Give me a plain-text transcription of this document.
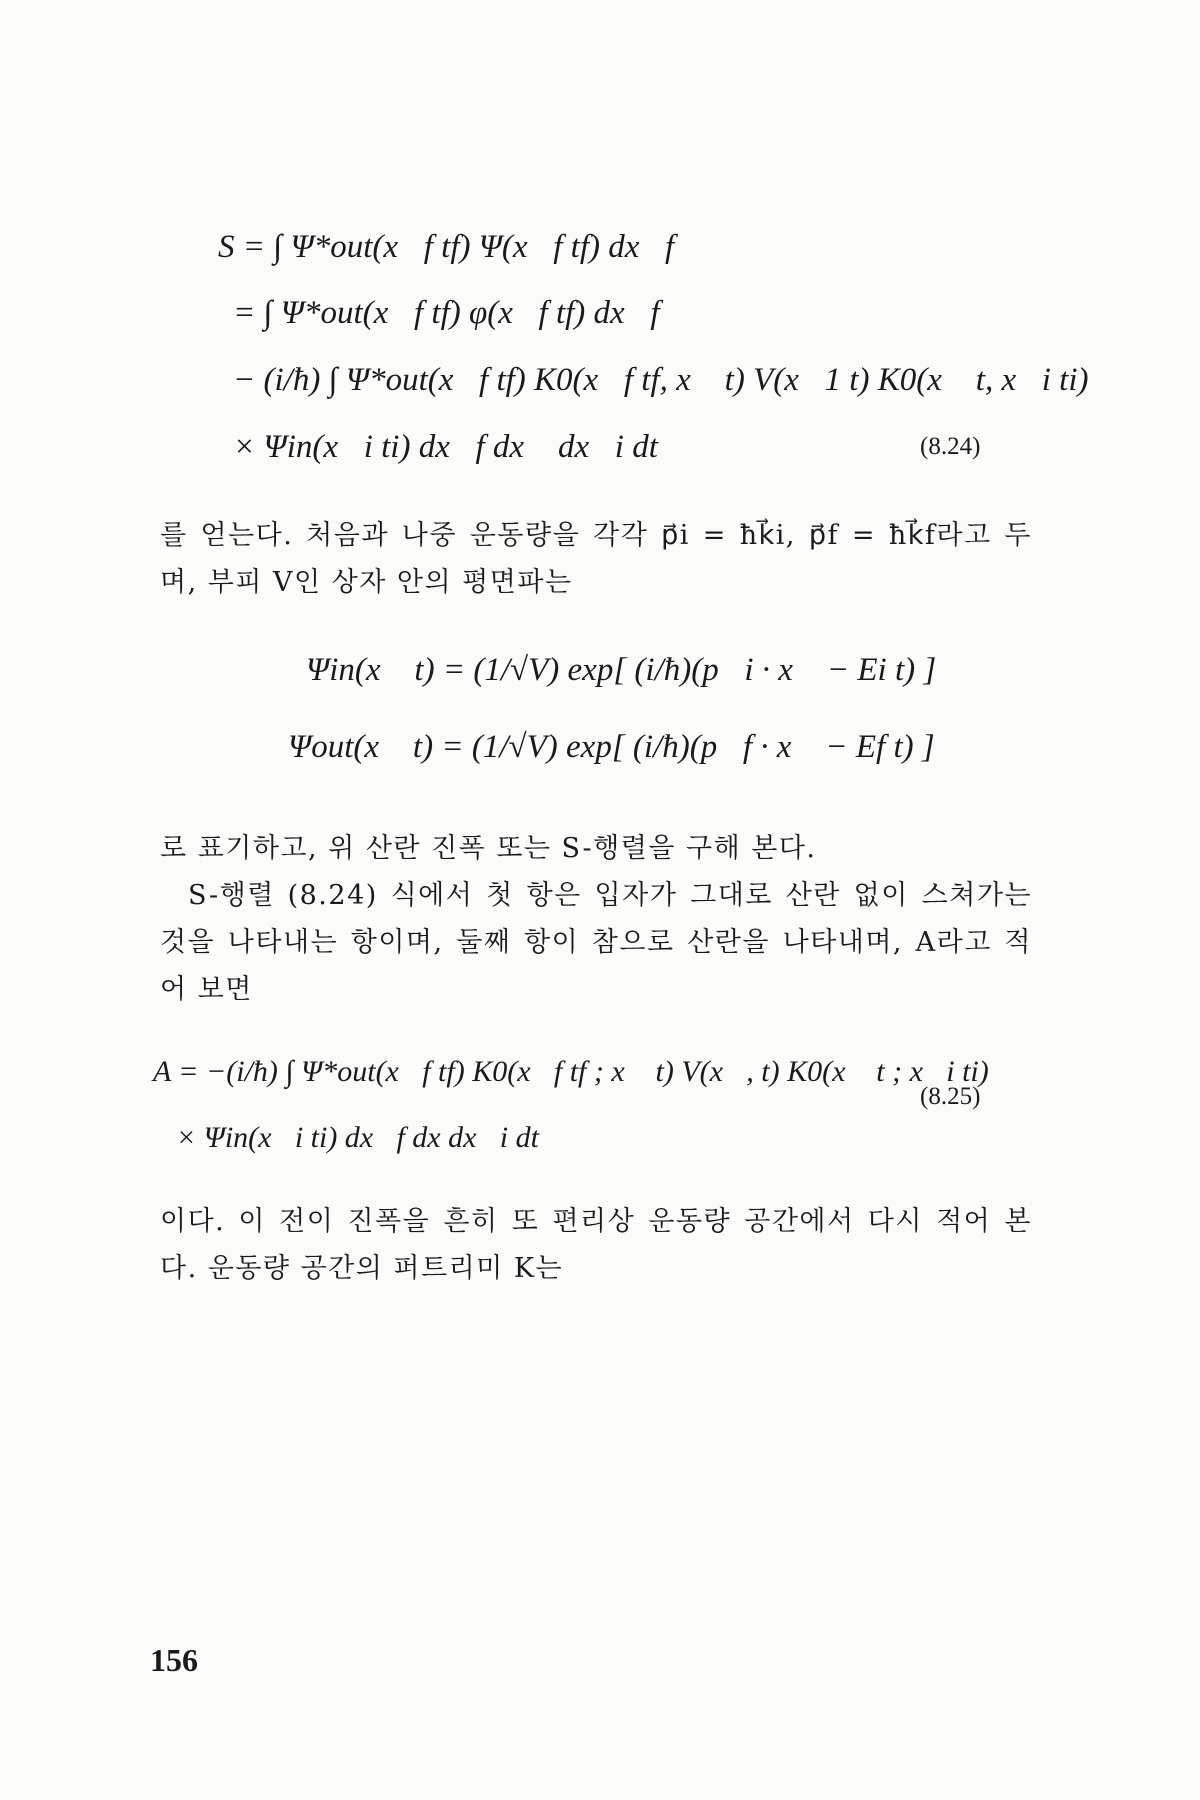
S = ∫ Ψ*out(x⃗f tf) Ψ(x⃗f tf) dx⃗f
= ∫ Ψ*out(x⃗f tf) φ(x⃗f tf) dx⃗f
− (i/ħ) ∫ Ψ*out(x⃗f tf) K0(x⃗f tf, x⃗ t) V(x⃗1 t) K0(x⃗ t, x⃗i ti)
× Ψin(x⃗i ti) dx⃗f dx⃗ dx⃗i dt	(8.24)
를 얻는다. 처음과 나중 운동량을 각각 p⃗i = ħk⃗i, p⃗f = ħk⃗f라고 두며, 부피 V인 상자 안의 평면파는
Ψin(x⃗ t) = (1/√V) exp[ (i/ħ)(p⃗i · x⃗ − Ei t) ]
Ψout(x⃗ t) = (1/√V) exp[ (i/ħ)(p⃗f · x⃗ − Ef t) ]
로 표기하고, 위 산란 진폭 또는 S-행렬을 구해 본다.
S-행렬 (8.24) 식에서 첫 항은 입자가 그대로 산란 없이 스쳐가는 것을 나타내는 항이며, 둘째 항이 참으로 산란을 나타내며, A라고 적어 보면
A = −(i/ħ) ∫ Ψ*out(x⃗f tf) K0(x⃗f tf ; x⃗ t) V(x⃗, t) K0(x⃗ t ; x⃗i ti)
× Ψin(x⃗i ti) dx⃗f dx dx⃗i dt
(8.25)
이다. 이 전이 진폭을 흔히 또 편리상 운동량 공간에서 다시 적어 본다. 운동량 공간의 퍼트리미 K는
156
